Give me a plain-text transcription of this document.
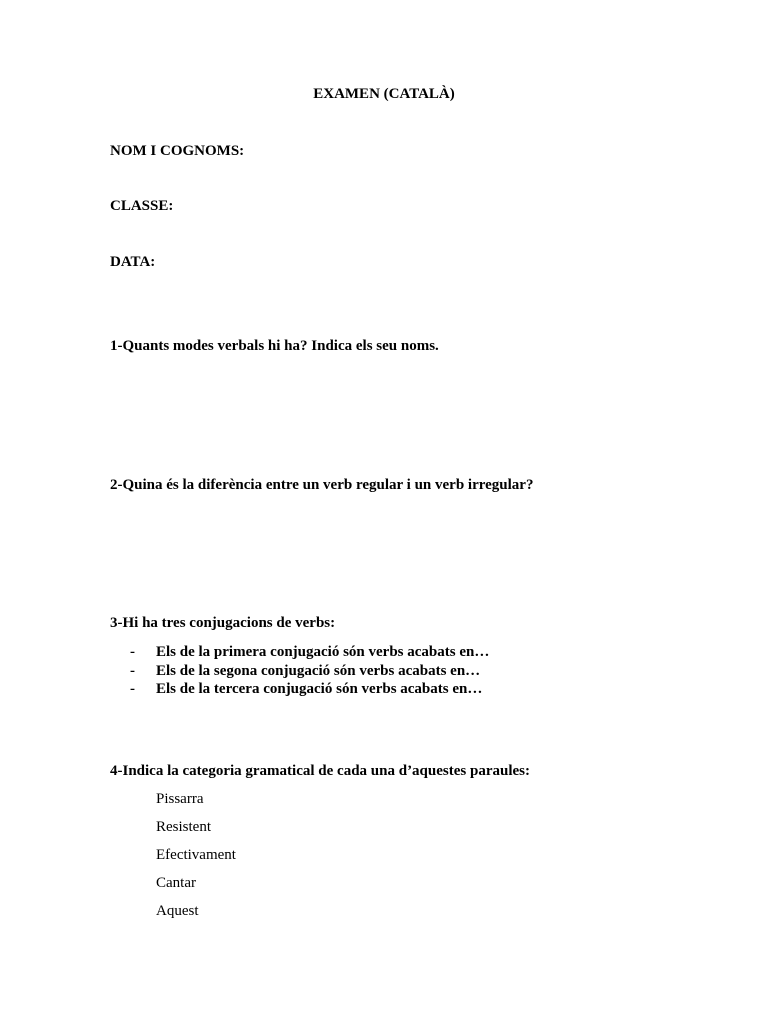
EXAMEN (CATALÀ)

NOM I COGNOMS:

CLASSE:

DATA:

1-Quants modes verbals hi ha? Indica els seu noms.

2-Quina és la diferència entre un verb regular i un verb irregular?

3-Hi ha tres conjugacions de verbs:

- Els de la primera conjugació són verbs acabats en…
- Els de la segona conjugació són verbs acabats en…
- Els de la tercera conjugació són verbs acabats en…

4-Indica la categoria gramatical de cada una d’aquestes paraules:

Pissarra
Resistent
Efectivament
Cantar
Aquest
